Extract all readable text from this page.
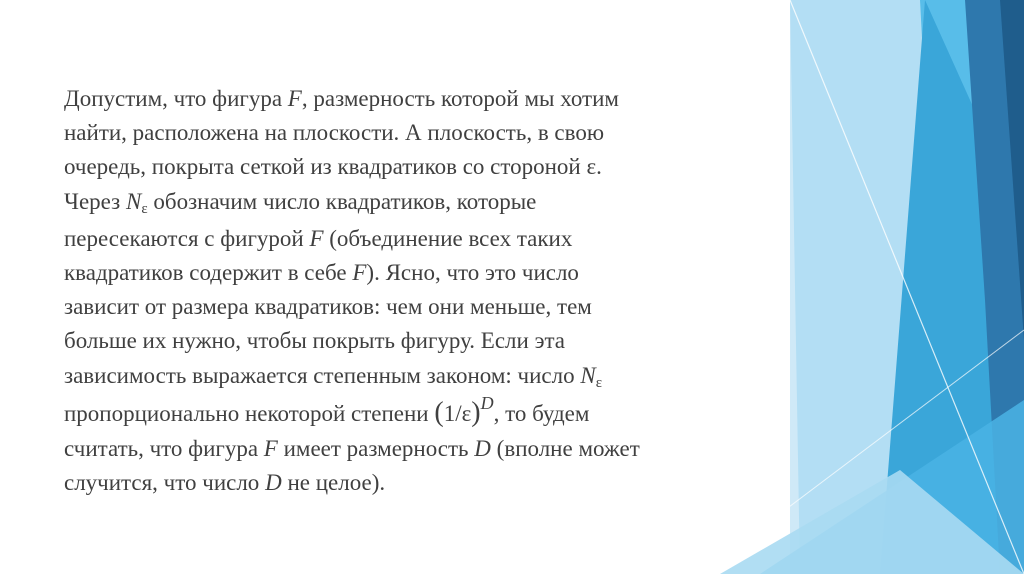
Допустим, что фигура F, размерность которой мы хотим
найти, расположена на плоскости. А плоскость, в свою
очередь, покрыта сеткой из квадратиков со стороной ε.
Через Nε обозначим число квадратиков, которые
пересекаются с фигурой F (объединение всех таких
квадратиков содержит в себе F). Ясно, что это число
зависит от размера квадратиков: чем они меньше, тем
больше их нужно, чтобы покрыть фигуру. Если эта
зависимость выражается степенным законом: число Nε
пропорционально некоторой степени $(1/\varepsilon)^D$, то будем
считать, что фигура F имеет размерность D (вполне может
случится, что число D не целое).
